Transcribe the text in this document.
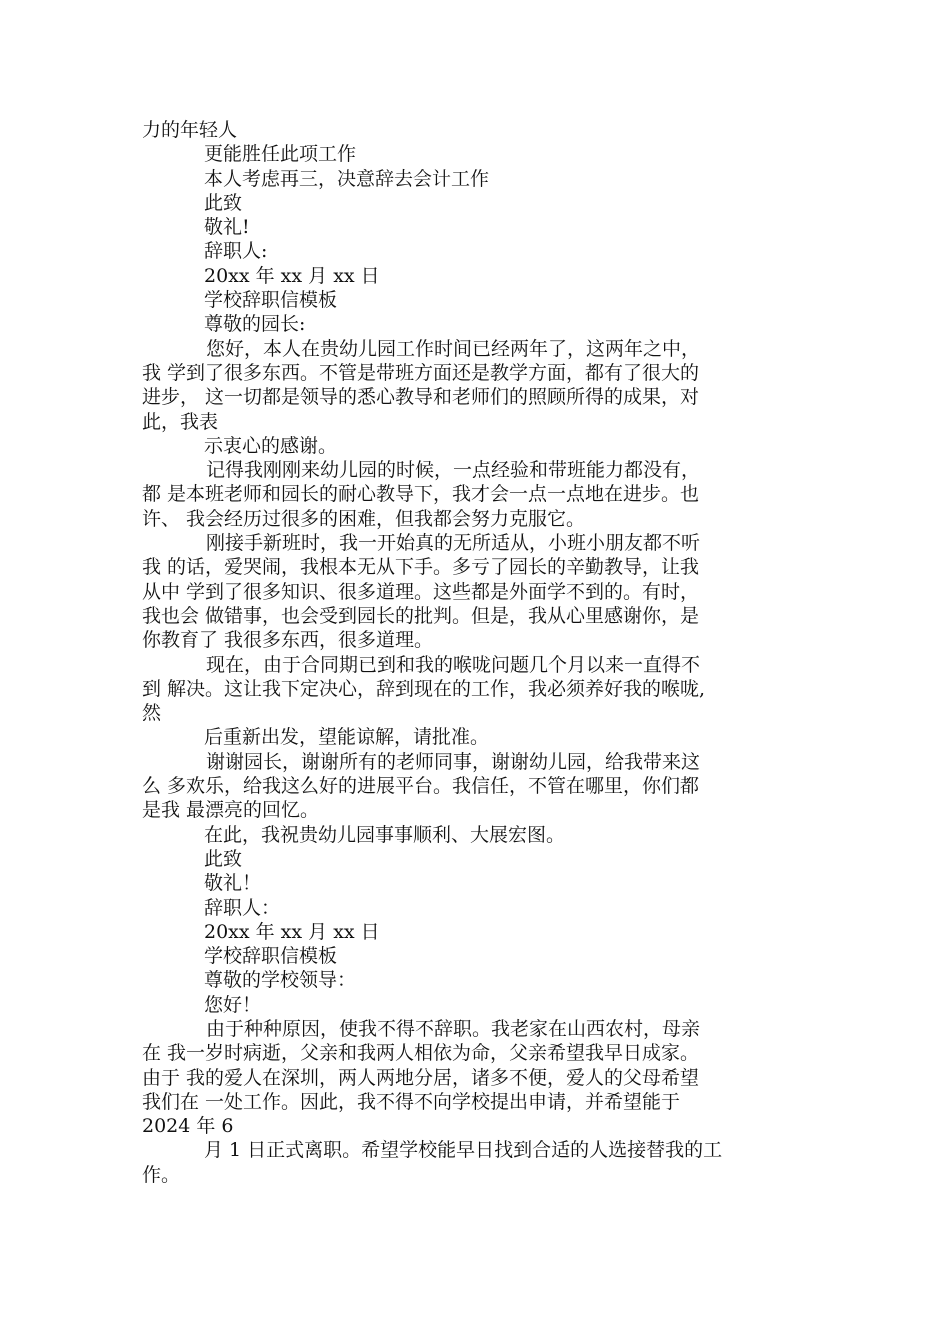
力的年轻人
更能胜任此项工作
本人考虑再三，决意辞去会计工作
此致
敬礼!
辞职人:
20xx 年 xx 月 xx 日
学校辞职信模板
尊敬的园长:
您好，本人在贵幼儿园工作时间已经两年了，这两年之中，
我 学到了很多东西。不管是带班方面还是教学方面，都有了很大的
进步， 这一切都是领导的悉心教导和老师们的照顾所得的成果，对
此，我表
示衷心的感谢。
记得我刚刚来幼儿园的时候，一点经验和带班能力都没有，
都 是本班老师和园长的耐心教导下，我才会一点一点地在进步。也
许、 我会经历过很多的困难，但我都会努力克服它。
刚接手新班时，我一开始真的无所适从，小班小朋友都不听
我 的话，爱哭闹，我根本无从下手。多亏了园长的辛勤教导，让我
从中 学到了很多知识、很多道理。这些都是外面学不到的。有时，
我也会 做错事，也会受到园长的批判。但是，我从心里感谢你，是
你教育了 我很多东西，很多道理。
现在，由于合同期已到和我的喉咙问题几个月以来一直得不
到 解决。这让我下定决心，辞到现在的工作，我必须养好我的喉咙,
然
后重新出发，望能谅解，请批准。
谢谢园长，谢谢所有的老师同事，谢谢幼儿园，给我带来这
么 多欢乐，给我这么好的进展平台。我信任，不管在哪里，你们都
是我 最漂亮的回忆。
在此，我祝贵幼儿园事事顺利、大展宏图。
此致
敬礼！
辞职人：
20xx 年 xx 月 xx 日
学校辞职信模板
尊敬的学校领导：
您好！
由于种种原因，使我不得不辞职。我老家在山西农村，母亲
在 我一岁时病逝，父亲和我两人相依为命，父亲希望我早日成家。
由于 我的爱人在深圳，两人两地分居，诸多不便，爱人的父母希望
我们在 一处工作。因此，我不得不向学校提出申请，并希望能于
2024 年 6
月 1 日正式离职。希望学校能早日找到合适的人选接替我的工
作。
